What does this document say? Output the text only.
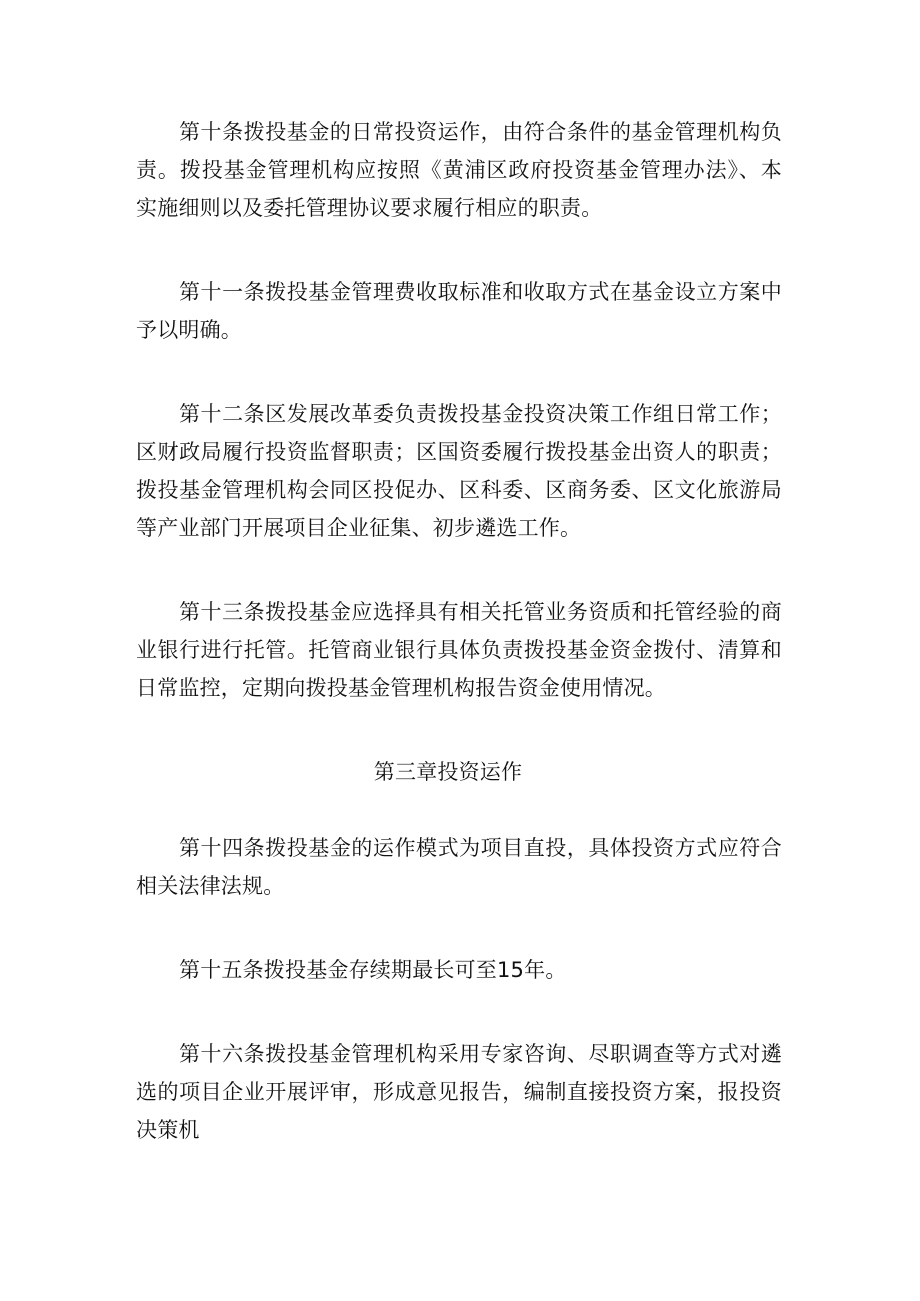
第十条拨投基金的日常投资运作，由符合条件的基金管理机构负责。拨投基金管理机构应按照《黄浦区政府投资基金管理办法》、本实施细则以及委托管理协议要求履行相应的职责。

第十一条拨投基金管理费收取标准和收取方式在基金设立方案中予以明确。

第十二条区发展改革委负责拨投基金投资决策工作组日常工作；区财政局履行投资监督职责；区国资委履行拨投基金出资人的职责；拨投基金管理机构会同区投促办、区科委、区商务委、区文化旅游局等产业部门开展项目企业征集、初步遴选工作。

第十三条拨投基金应选择具有相关托管业务资质和托管经验的商业银行进行托管。托管商业银行具体负责拨投基金资金拨付、清算和日常监控，定期向拨投基金管理机构报告资金使用情况。

第三章投资运作

第十四条拨投基金的运作模式为项目直投，具体投资方式应符合相关法律法规。

第十五条拨投基金存续期最长可至15年。

第十六条拨投基金管理机构采用专家咨询、尽职调查等方式对遴选的项目企业开展评审，形成意见报告，编制直接投资方案，报投资决策机
